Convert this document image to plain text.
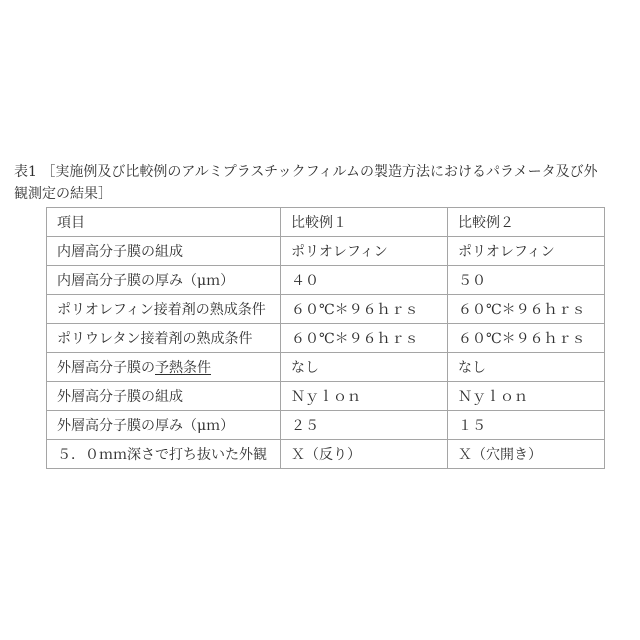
表1 ［実施例及び比較例のアルミプラスチックフィルムの製造方法におけるパラメータ及び外
観測定の結果］
項目	比較例１	比較例２
内層高分子膜の組成	ポリオレフィン	ポリオレフィン
内層高分子膜の厚み（μｍ）	４０	５０
ポリオレフィン接着剤の熟成条件	６０℃＊９６ｈｒｓ	６０℃＊９６ｈｒｓ
ポリウレタン接着剤の熟成条件	６０℃＊９６ｈｒｓ	６０℃＊９６ｈｒｓ
外層高分子膜の予熱条件	なし	なし
外層高分子膜の組成	Ｎｙｌｏｎ	Ｎｙｌｏｎ
外層高分子膜の厚み（μｍ）	２５	１５
５．０ｍｍ深さで打ち抜いた外観	Ｘ（反り）	Ｘ（穴開き）
